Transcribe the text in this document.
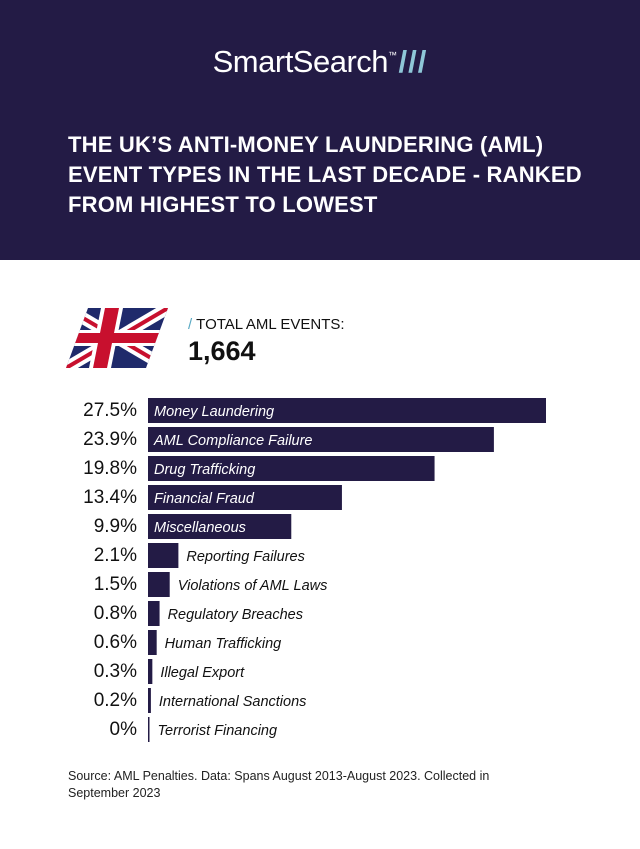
SmartSearch™///
THE UK’S ANTI-MONEY LAUNDERING (AML) EVENT TYPES IN THE LAST DECADE - RANKED FROM HIGHEST TO LOWEST
/ TOTAL AML EVENTS:
1,664
27.5% Money Laundering
23.9% AML Compliance Failure
19.8% Drug Trafficking
13.4% Financial Fraud
9.9% Miscellaneous
2.1%	Reporting Failures
1.5%	Violations of AML Laws
0.8% Regulatory Breaches
0.6% Human Trafficking
0.3% Illegal Export
0.2% International Sanctions
0% Terrorist Financing
Source: AML Penalties. Data: Spans August 2013-August 2023. Collected in September 2023
